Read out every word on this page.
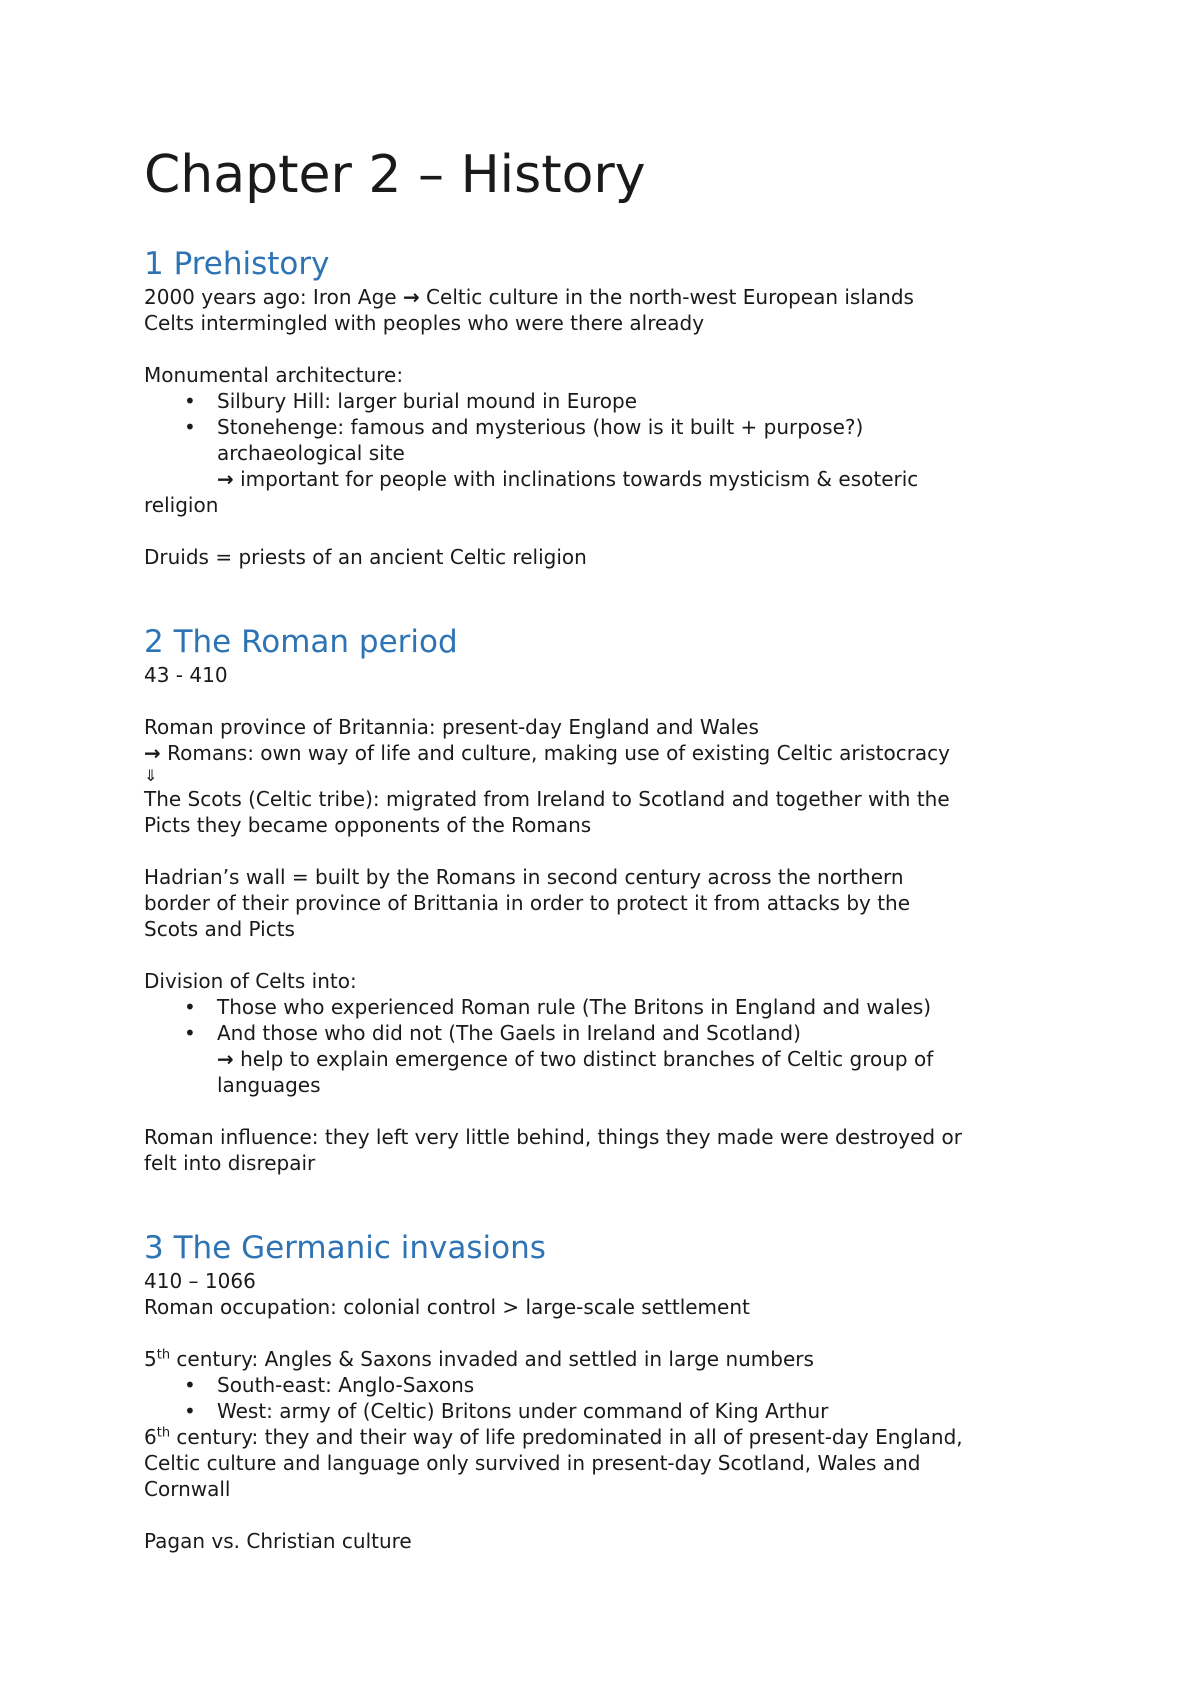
Chapter 2 – History
1 Prehistory

2000 years ago: Iron Age → Celtic culture in the north-west European islands

Celts intermingled with peoples who were there already

Monumental architecture:

• Silbury Hill: larger burial mound in Europe
• Stonehenge: famous and mysterious (how is it built + purpose?)

archaeological site

→ important for people with inclinations towards mysticism & esoteric

religion

Druids = priests of an ancient Celtic religion

2 The Roman period

43 - 410

Roman province of Britannia: present-day England and Wales

→ Romans: own way of life and culture, making use of existing Celtic aristocracy

⇓

The Scots (Celtic tribe): migrated from Ireland to Scotland and together with the

Picts they became opponents of the Romans

Hadrian’s wall = built by the Romans in second century across the northern

border of their province of Brittania in order to protect it from attacks by the

Scots and Picts

Division of Celts into:

• Those who experienced Roman rule (The Britons in England and wales)
• And those who did not (The Gaels in Ireland and Scotland)

→ help to explain emergence of two distinct branches of Celtic group of

languages

Roman influence: they left very little behind, things they made were destroyed or

felt into disrepair

3 The Germanic invasions

410 – 1066

Roman occupation: colonial control > large-scale settlement

5th century: Angles & Saxons invaded and settled in large numbers

• South-east: Anglo-Saxons
• West: army of (Celtic) Britons under command of King Arthur

6th century: they and their way of life predominated in all of present-day England,

Celtic culture and language only survived in present-day Scotland, Wales and

Cornwall

Pagan vs. Christian culture
